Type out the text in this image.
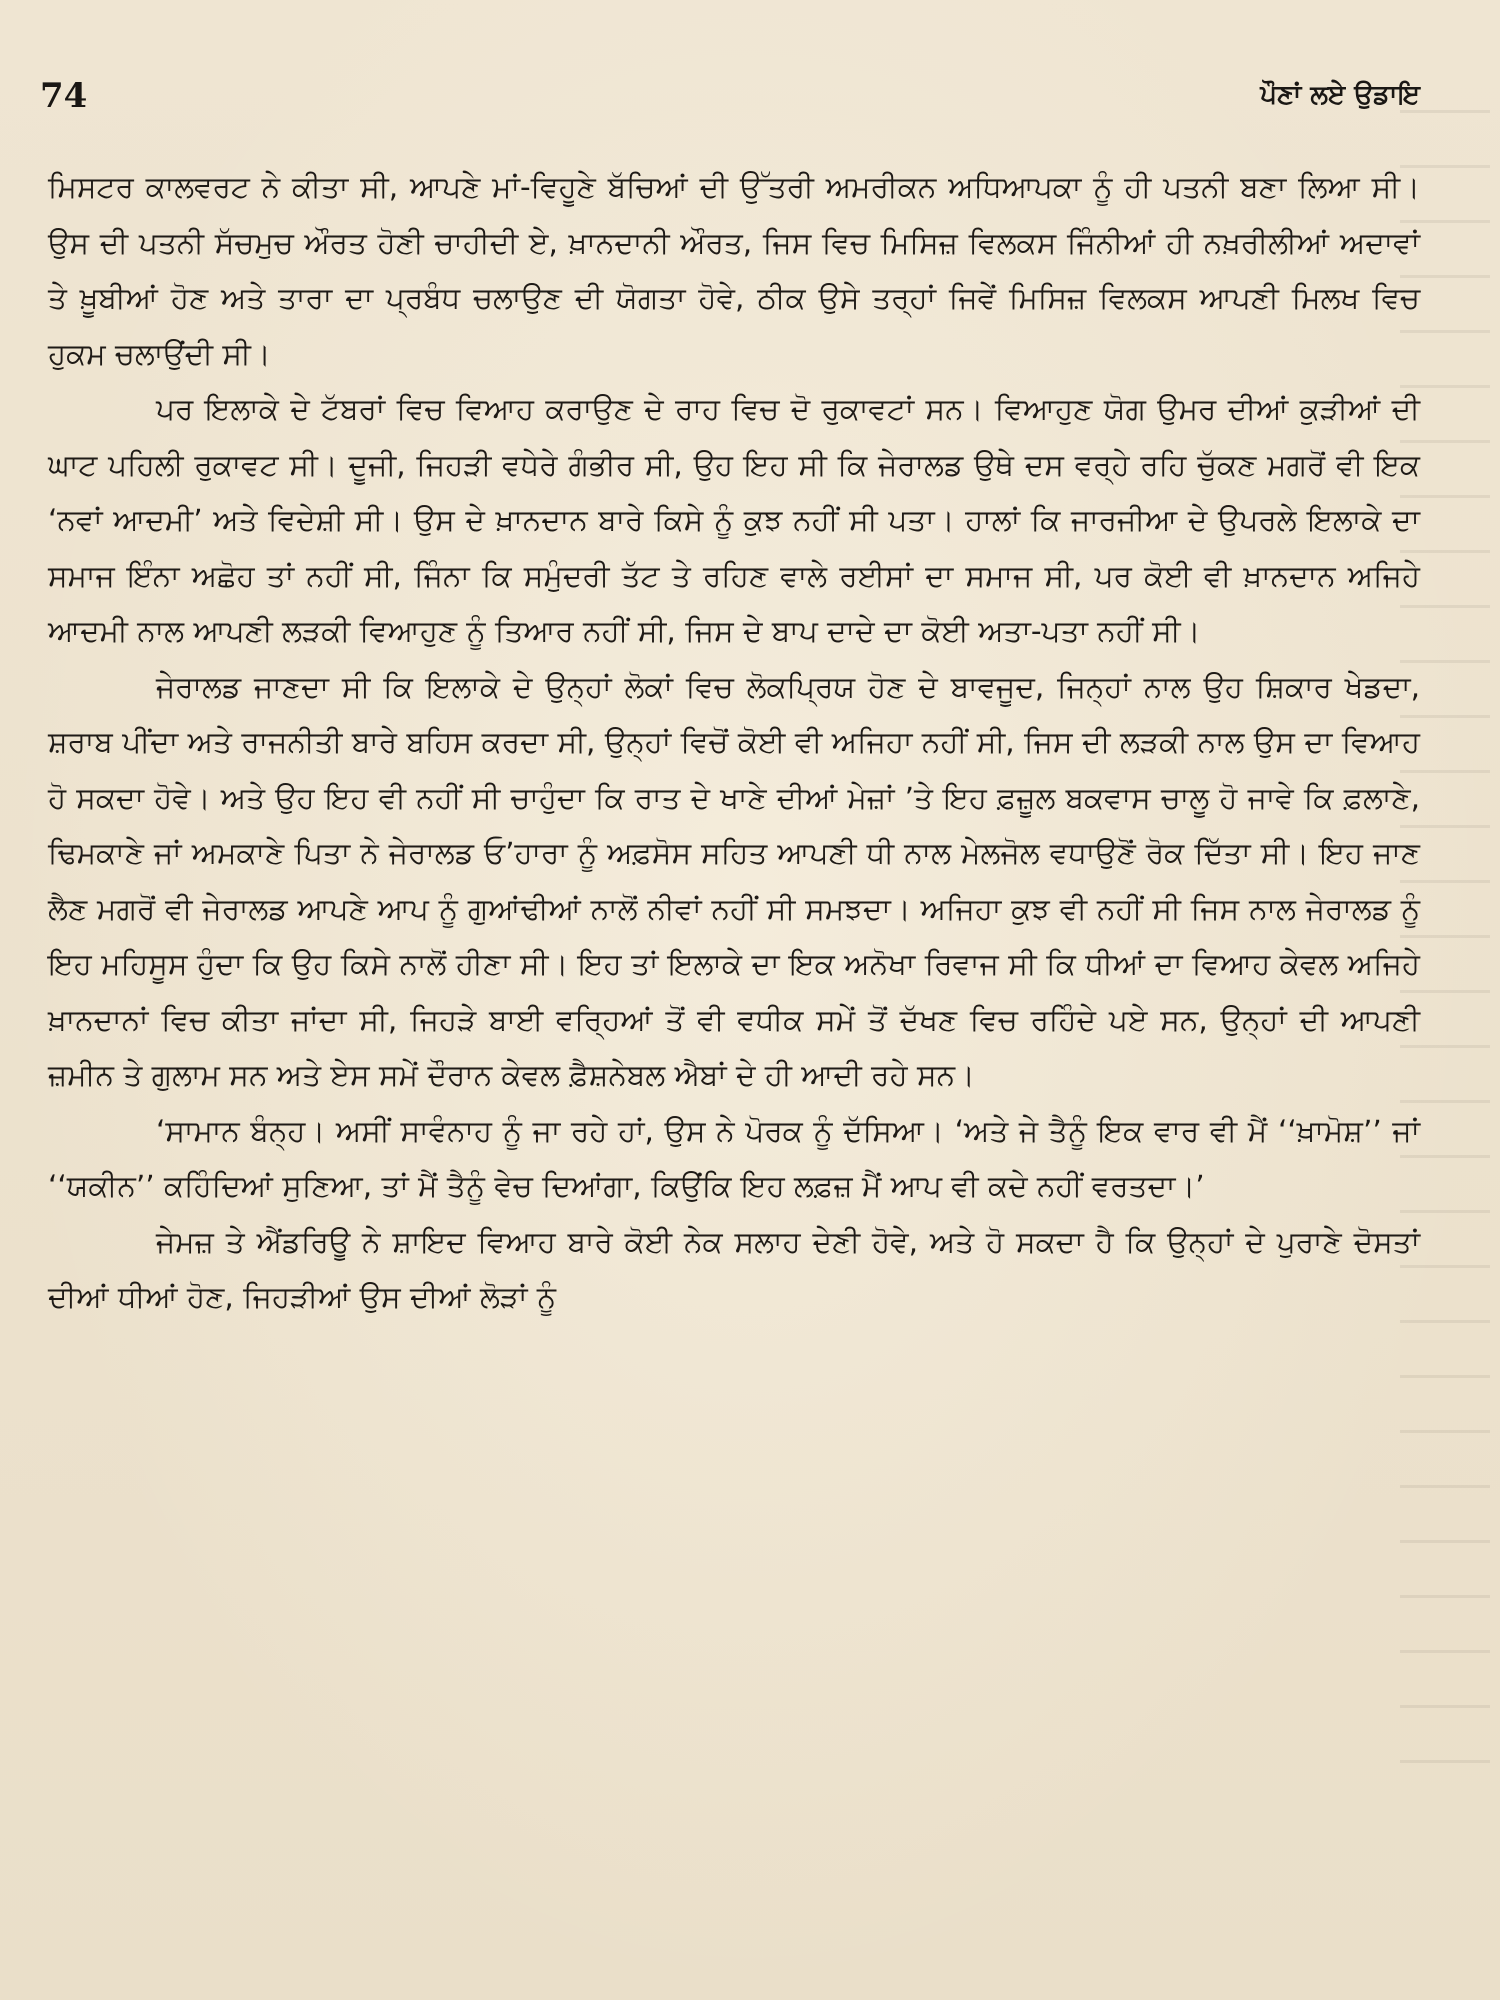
74	ਪੌਣਾਂ ਲਏ ਉਡਾਇ

ਮਿਸਟਰ ਕਾਲਵਰਟ ਨੇ ਕੀਤਾ ਸੀ, ਆਪਣੇ ਮਾਂ-ਵਿਹੂਣੇ ਬੱਚਿਆਂ ਦੀ ਉੱਤਰੀ ਅਮਰੀਕਨ ਅਧਿਆਪਕਾ ਨੂੰ ਹੀ ਪਤਨੀ ਬਣਾ ਲਿਆ ਸੀ। ਉਸ ਦੀ ਪਤਨੀ ਸੱਚਮੁਚ ਔਰਤ ਹੋਣੀ ਚਾਹੀਦੀ ਏ, ਖ਼ਾਨਦਾਨੀ ਔਰਤ, ਜਿਸ ਵਿਚ ਮਿਸਿਜ਼ ਵਿਲਕਸ ਜਿੰਨੀਆਂ ਹੀ ਨਖ਼ਰੀਲੀਆਂ ਅਦਾਵਾਂ ਤੇ ਖ਼ੂਬੀਆਂ ਹੋਣ ਅਤੇ ਤਾਰਾ ਦਾ ਪ੍ਰਬੰਧ ਚਲਾਉਣ ਦੀ ਯੋਗਤਾ ਹੋਵੇ, ਠੀਕ ਉਸੇ ਤਰ੍ਹਾਂ ਜਿਵੇਂ ਮਿਸਿਜ਼ ਵਿਲਕਸ ਆਪਣੀ ਮਿਲਖ ਵਿਚ ਹੁਕਮ ਚਲਾਉਂਦੀ ਸੀ।

ਪਰ ਇਲਾਕੇ ਦੇ ਟੱਬਰਾਂ ਵਿਚ ਵਿਆਹ ਕਰਾਉਣ ਦੇ ਰਾਹ ਵਿਚ ਦੋ ਰੁਕਾਵਟਾਂ ਸਨ। ਵਿਆਹੁਣ ਯੋਗ ਉਮਰ ਦੀਆਂ ਕੁੜੀਆਂ ਦੀ ਘਾਟ ਪਹਿਲੀ ਰੁਕਾਵਟ ਸੀ। ਦੂਜੀ, ਜਿਹੜੀ ਵਧੇਰੇ ਗੰਭੀਰ ਸੀ, ਉਹ ਇਹ ਸੀ ਕਿ ਜੇਰਾਲਡ ਉਥੇ ਦਸ ਵਰ੍ਹੇ ਰਹਿ ਚੁੱਕਣ ਮਗਰੋਂ ਵੀ ਇਕ ‘ਨਵਾਂ ਆਦਮੀ’ ਅਤੇ ਵਿਦੇਸ਼ੀ ਸੀ। ਉਸ ਦੇ ਖ਼ਾਨਦਾਨ ਬਾਰੇ ਕਿਸੇ ਨੂੰ ਕੁਝ ਨਹੀਂ ਸੀ ਪਤਾ। ਹਾਲਾਂ ਕਿ ਜਾਰਜੀਆ ਦੇ ਉਪਰਲੇ ਇਲਾਕੇ ਦਾ ਸਮਾਜ ਇੰਨਾ ਅਛੋਹ ਤਾਂ ਨਹੀਂ ਸੀ, ਜਿੰਨਾ ਕਿ ਸਮੁੰਦਰੀ ਤੱਟ ਤੇ ਰਹਿਣ ਵਾਲੇ ਰਈਸਾਂ ਦਾ ਸਮਾਜ ਸੀ, ਪਰ ਕੋਈ ਵੀ ਖ਼ਾਨਦਾਨ ਅਜਿਹੇ ਆਦਮੀ ਨਾਲ ਆਪਣੀ ਲੜਕੀ ਵਿਆਹੁਣ ਨੂੰ ਤਿਆਰ ਨਹੀਂ ਸੀ, ਜਿਸ ਦੇ ਬਾਪ ਦਾਦੇ ਦਾ ਕੋਈ ਅਤਾ-ਪਤਾ ਨਹੀਂ ਸੀ।

ਜੇਰਾਲਡ ਜਾਣਦਾ ਸੀ ਕਿ ਇਲਾਕੇ ਦੇ ਉਨ੍ਹਾਂ ਲੋਕਾਂ ਵਿਚ ਲੋਕਪ੍ਰਿਯ ਹੋਣ ਦੇ ਬਾਵਜੂਦ, ਜਿਨ੍ਹਾਂ ਨਾਲ ਉਹ ਸ਼ਿਕਾਰ ਖੇਡਦਾ, ਸ਼ਰਾਬ ਪੀਂਦਾ ਅਤੇ ਰਾਜਨੀਤੀ ਬਾਰੇ ਬਹਿਸ ਕਰਦਾ ਸੀ, ਉਨ੍ਹਾਂ ਵਿਚੋਂ ਕੋਈ ਵੀ ਅਜਿਹਾ ਨਹੀਂ ਸੀ, ਜਿਸ ਦੀ ਲੜਕੀ ਨਾਲ ਉਸ ਦਾ ਵਿਆਹ ਹੋ ਸਕਦਾ ਹੋਵੇ। ਅਤੇ ਉਹ ਇਹ ਵੀ ਨਹੀਂ ਸੀ ਚਾਹੁੰਦਾ ਕਿ ਰਾਤ ਦੇ ਖਾਣੇ ਦੀਆਂ ਮੇਜ਼ਾਂ ’ਤੇ ਇਹ ਫ਼ਜ਼ੂਲ ਬਕਵਾਸ ਚਾਲੂ ਹੋ ਜਾਵੇ ਕਿ ਫ਼ਲਾਣੇ, ਢਿਮਕਾਣੇ ਜਾਂ ਅਮਕਾਣੇ ਪਿਤਾ ਨੇ ਜੇਰਾਲਡ ਓ’ਹਾਰਾ ਨੂੰ ਅਫ਼ਸੋਸ ਸਹਿਤ ਆਪਣੀ ਧੀ ਨਾਲ ਮੇਲਜੋਲ ਵਧਾਉਣੋਂ ਰੋਕ ਦਿੱਤਾ ਸੀ। ਇਹ ਜਾਣ ਲੈਣ ਮਗਰੋਂ ਵੀ ਜੇਰਾਲਡ ਆਪਣੇ ਆਪ ਨੂੰ ਗੁਆਂਢੀਆਂ ਨਾਲੋਂ ਨੀਵਾਂ ਨਹੀਂ ਸੀ ਸਮਝਦਾ। ਅਜਿਹਾ ਕੁਝ ਵੀ ਨਹੀਂ ਸੀ ਜਿਸ ਨਾਲ ਜੇਰਾਲਡ ਨੂੰ ਇਹ ਮਹਿਸੂਸ ਹੁੰਦਾ ਕਿ ਉਹ ਕਿਸੇ ਨਾਲੋਂ ਹੀਣਾ ਸੀ। ਇਹ ਤਾਂ ਇਲਾਕੇ ਦਾ ਇਕ ਅਨੋਖਾ ਰਿਵਾਜ ਸੀ ਕਿ ਧੀਆਂ ਦਾ ਵਿਆਹ ਕੇਵਲ ਅਜਿਹੇ ਖ਼ਾਨਦਾਨਾਂ ਵਿਚ ਕੀਤਾ ਜਾਂਦਾ ਸੀ, ਜਿਹੜੇ ਬਾਈ ਵਰ੍ਹਿਆਂ ਤੋਂ ਵੀ ਵਧੀਕ ਸਮੇਂ ਤੋਂ ਦੱਖਣ ਵਿਚ ਰਹਿੰਦੇ ਪਏ ਸਨ, ਉਨ੍ਹਾਂ ਦੀ ਆਪਣੀ ਜ਼ਮੀਨ ਤੇ ਗੁਲਾਮ ਸਨ ਅਤੇ ਏਸ ਸਮੇਂ ਦੌਰਾਨ ਕੇਵਲ ਫ਼ੈਸ਼ਨੇਬਲ ਐਬਾਂ ਦੇ ਹੀ ਆਦੀ ਰਹੇ ਸਨ।

‘ਸਾਮਾਨ ਬੰਨ੍ਹ। ਅਸੀਂ ਸਾਵੰਨਾਹ ਨੂੰ ਜਾ ਰਹੇ ਹਾਂ, ਉਸ ਨੇ ਪੋਰਕ ਨੂੰ ਦੱਸਿਆ। ‘ਅਤੇ ਜੇ ਤੈਨੂੰ ਇਕ ਵਾਰ ਵੀ ਮੈਂ ‘‘ਖ਼ਾਮੋਸ਼’’ ਜਾਂ ‘‘ਯਕੀਨ’’ ਕਹਿੰਦਿਆਂ ਸੁਣਿਆ, ਤਾਂ ਮੈਂ ਤੈਨੂੰ ਵੇਚ ਦਿਆਂਗਾ, ਕਿਉਂਕਿ ਇਹ ਲਫ਼ਜ਼ ਮੈਂ ਆਪ ਵੀ ਕਦੇ ਨਹੀਂ ਵਰਤਦਾ।’

ਜੇਮਜ਼ ਤੇ ਐਂਡਰਿਊ ਨੇ ਸ਼ਾਇਦ ਵਿਆਹ ਬਾਰੇ ਕੋਈ ਨੇਕ ਸਲਾਹ ਦੇਣੀ ਹੋਵੇ, ਅਤੇ ਹੋ ਸਕਦਾ ਹੈ ਕਿ ਉਨ੍ਹਾਂ ਦੇ ਪੁਰਾਣੇ ਦੋਸਤਾਂ ਦੀਆਂ ਧੀਆਂ ਹੋਣ, ਜਿਹੜੀਆਂ ਉਸ ਦੀਆਂ ਲੋੜਾਂ ਨੂੰ
